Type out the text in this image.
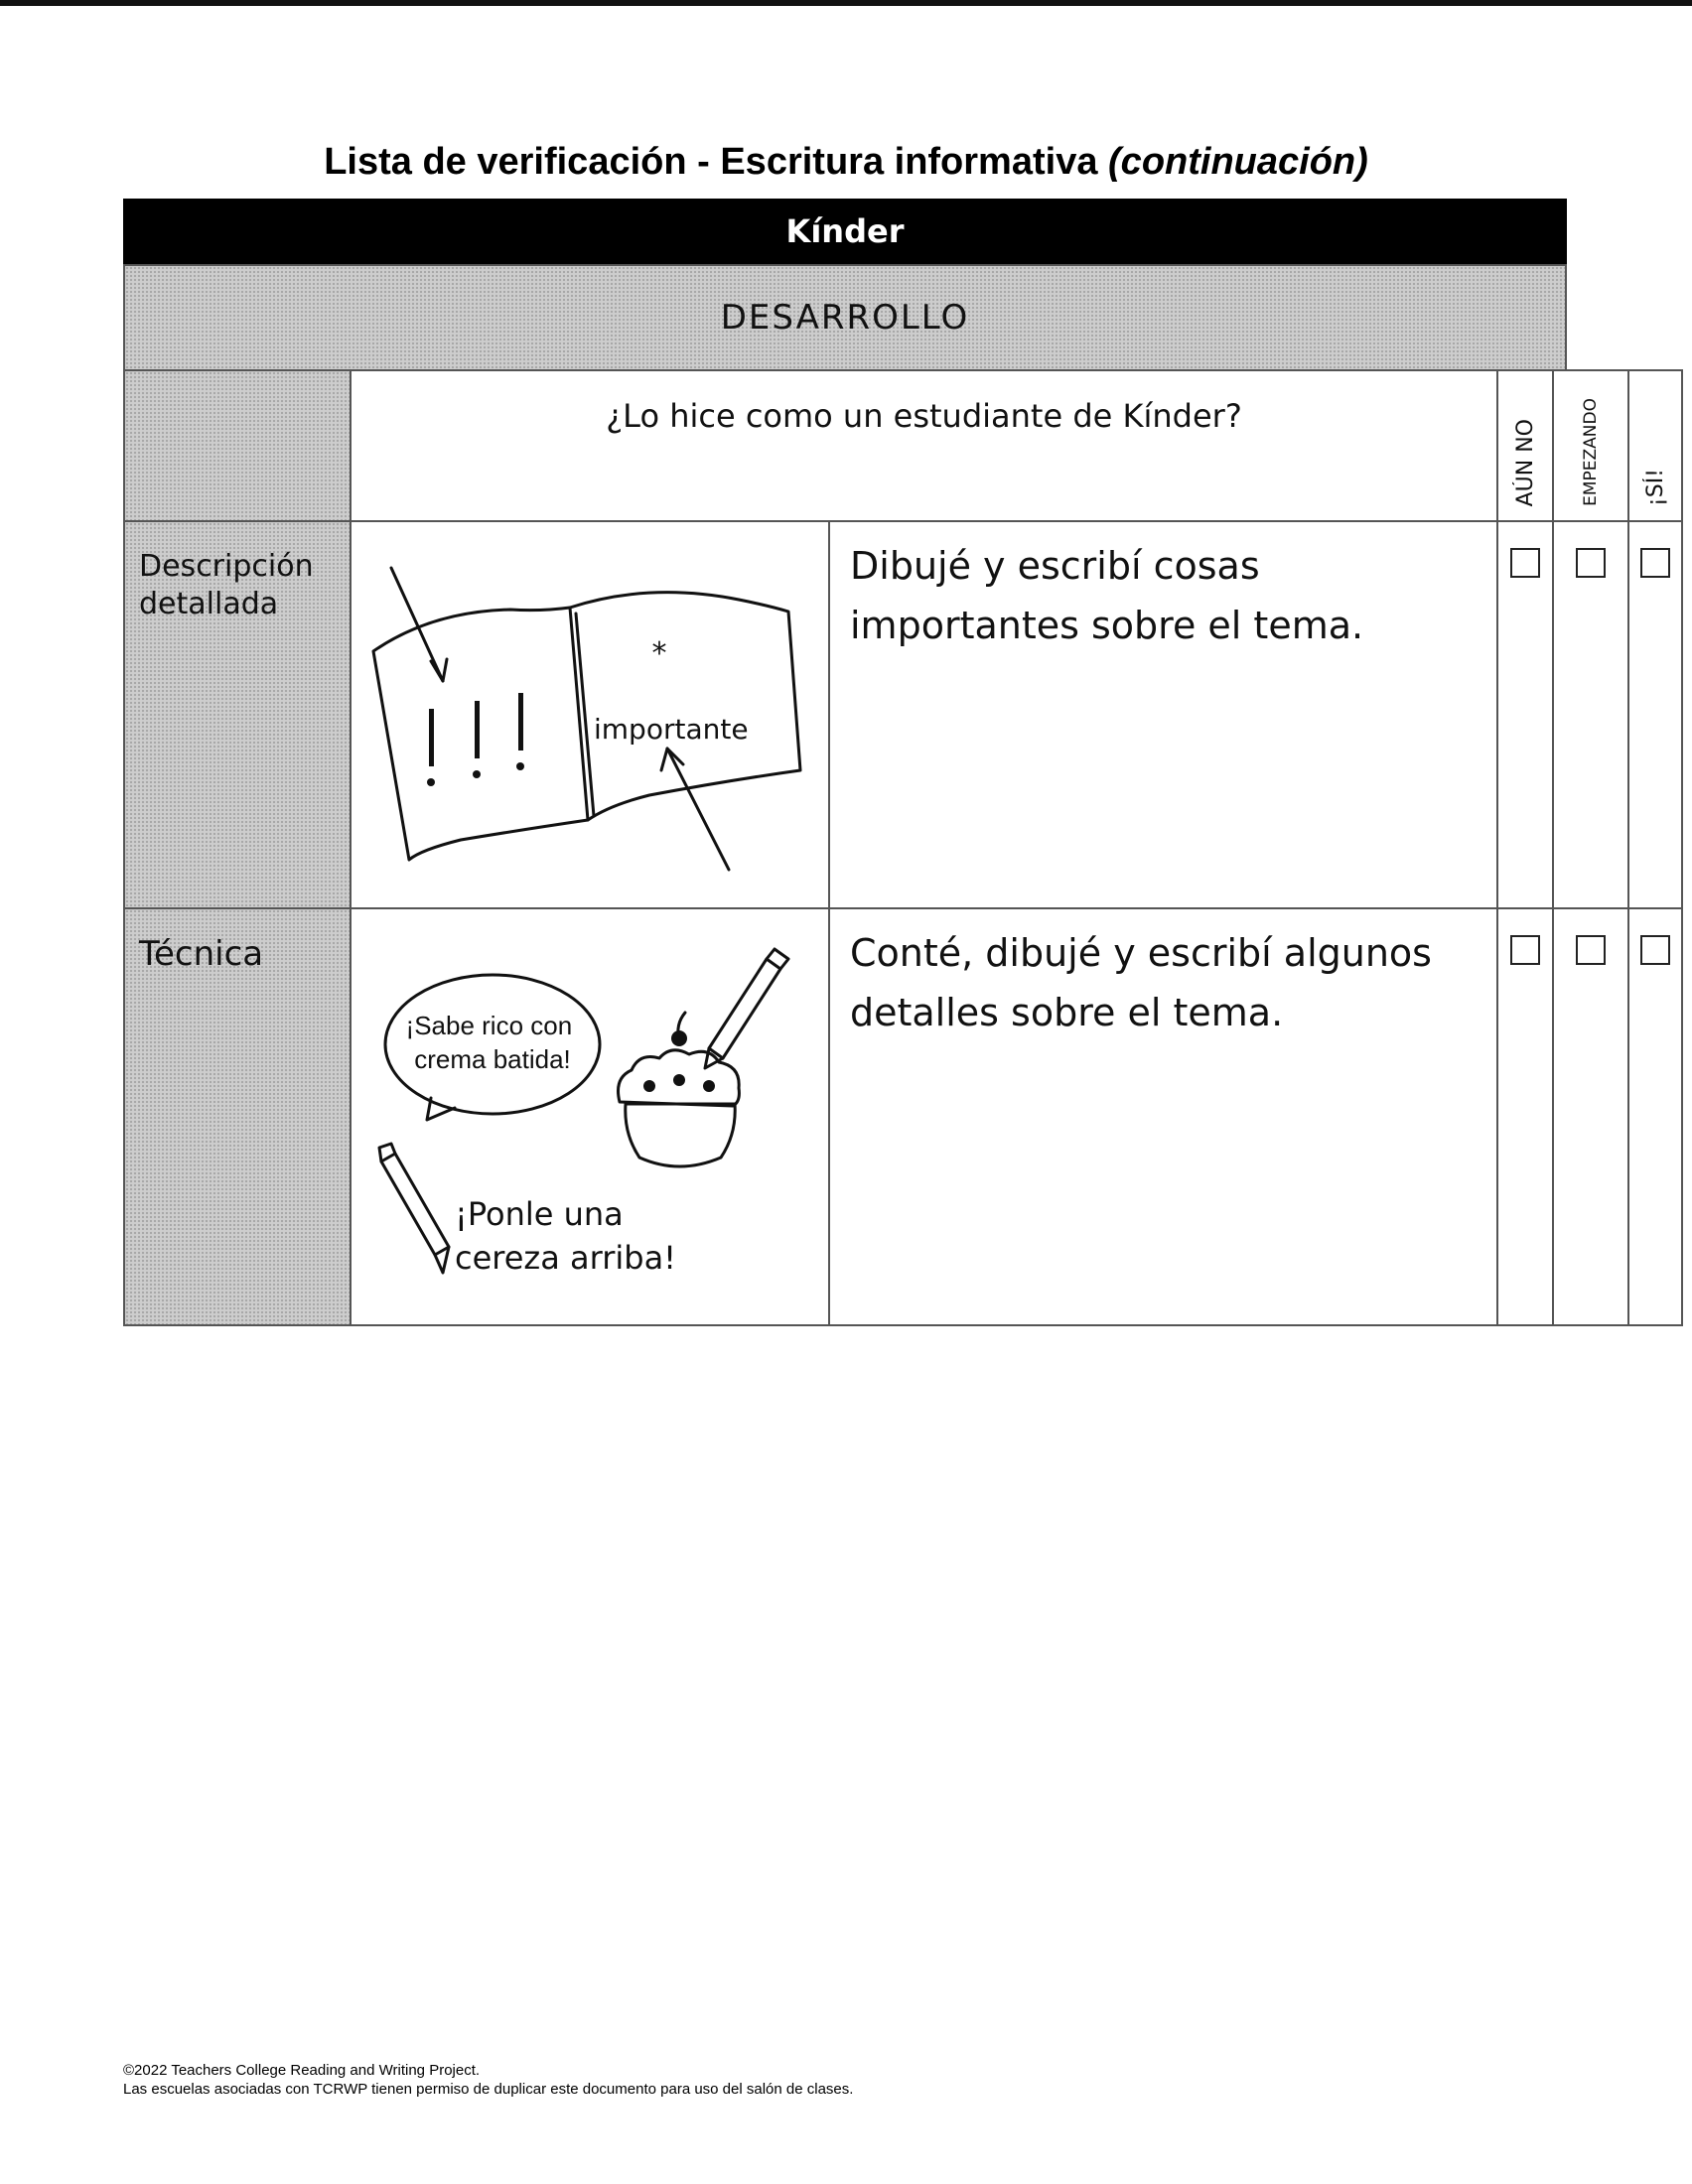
Lista de verificación - Escritura informativa (continuación)
Kínder
DESARROLLO
¿Lo hice como un estudiante de Kínder?
AÚN NO	EMPEZANDO ¡SÍ!
Descripción detallada
*
importante
Dibujé y escribí cosas importantes sobre el tema.
Técnica
¡Sabe rico con crema batida!
¡Ponle una cereza arriba!
Conté, dibujé y escribí algunos detalles sobre el tema.
©2022 Teachers College Reading and Writing Project.
Las escuelas asociadas con TCRWP tienen permiso de duplicar este documento para uso del salón de clases.
